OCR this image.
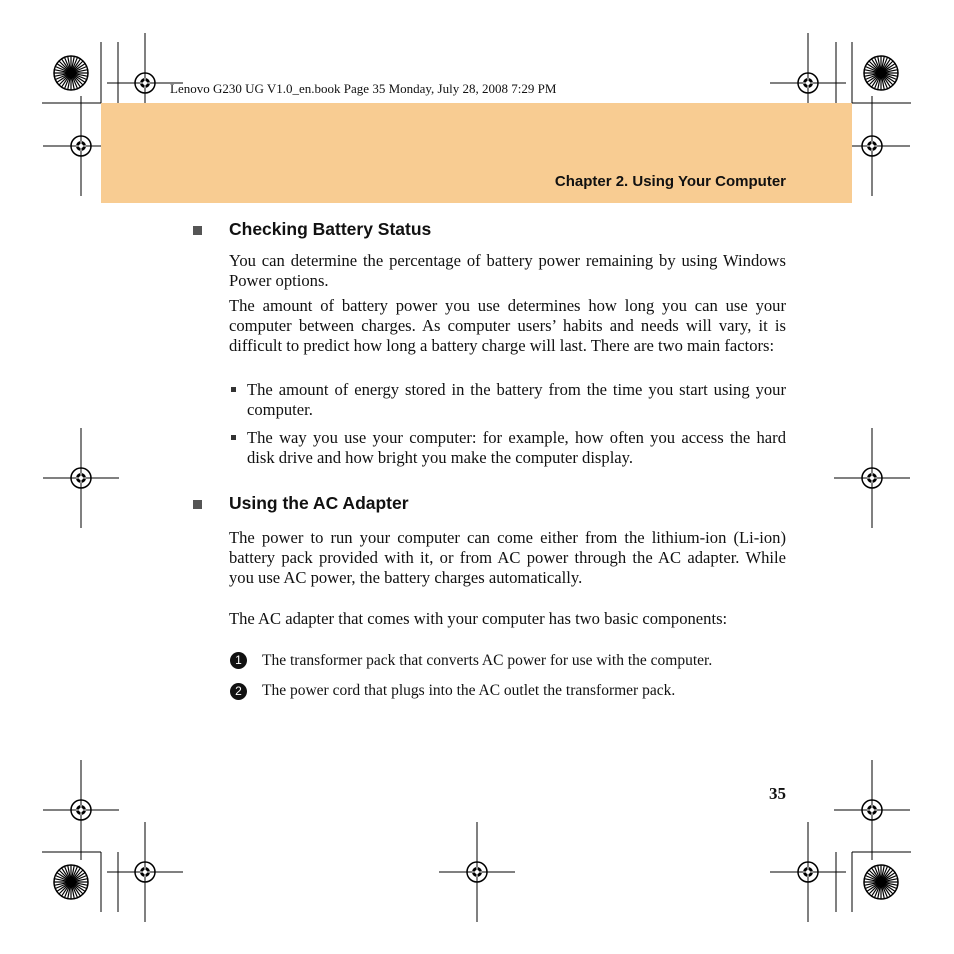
Lenovo G230 UG V1.0_en.book Page 35 Monday, July 28, 2008 7:29 PM
Chapter 2. Using Your Computer
Checking Battery Status
You can determine the percentage of battery power remaining by using Windows Power options.
The amount of battery power you use determines how long you can use your computer between charges. As computer users’ habits and needs will vary, it is difficult to predict how long a battery charge will last. There are two main factors:
The amount of energy stored in the battery from the time you start using your computer.
The way you use your computer: for example, how often you access the hard disk drive and how bright you make the computer display.
Using the AC Adapter
The power to run your computer can come either from the lithium-ion (Li-ion) battery pack provided with it, or from AC power through the AC adapter. While you use AC power, the battery charges automatically.
The AC adapter that comes with your computer has two basic components:
1	The transformer pack that converts AC power for use with the computer.
2	The power cord that plugs into the AC outlet the transformer pack.
35
